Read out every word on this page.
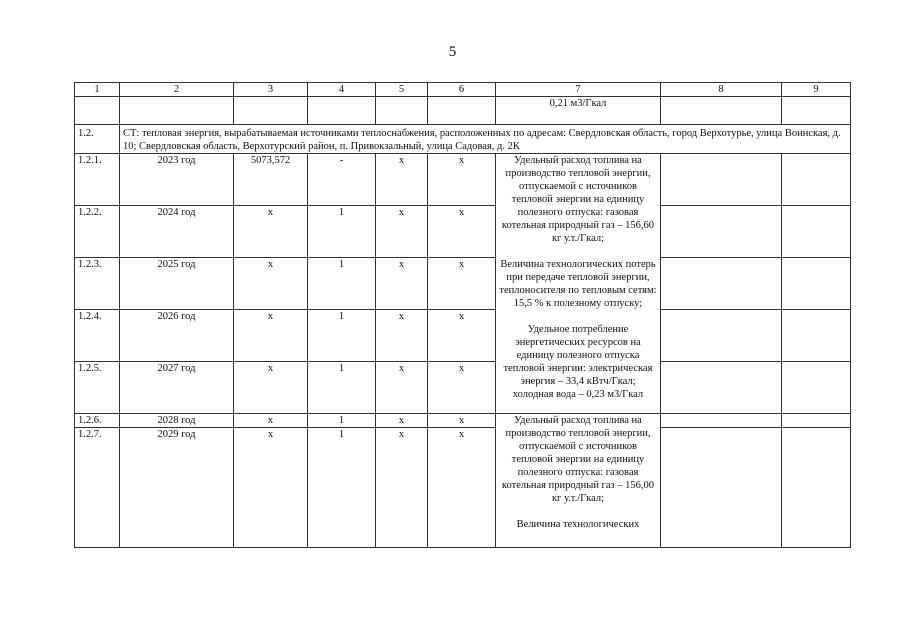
5
1	2	3	4	5	6	7	8	9
						0,21 м3/Гкал		
1.2.	СТ: тепловая энергия, вырабатываемая источниками теплоснабжения, расположенных по адресам: Свердловская область, город Верхотурье, улица Воинская, д. 10; Свердловская область, Верхотурский район, п. Привокзальный, улица Садовая, д. 2К							
1.2.1.	2023 год	5073,572	-	x	x	Удельный расход топлива на производство тепловой энергии, отпускаемой с источников тепловой энергии на единицу полезного отпуска: газовая котельная природный газ – 156,60 кг у.т./Гкал;

Величина технологических потерь при передаче тепловой энергии, теплоносителя по тепловым сетям: 15,5 % к полезному отпуску;

Удельное потребление энергетических ресурсов на единицу полезного отпуска тепловой энергии: электрическая энергия – 33,4 кВтч/Гкал; холодная вода – 0,23 м3/Гкал		

1.2.2.	2024 год	x	1	x	x			
1.2.3.	2025 год	x	1	x	x			
1.2.4.	2026 год	x	1	x	x			
1.2.5.	2027 год	x	1	x	x			
1.2.6.	2028 год	x	1	x	x	Удельный расход топлива на производство тепловой энергии, отпускаемой с источников тепловой энергии на единицу полезного отпуска: газовая котельная природный газ – 156,00 кг у.т./Гкал;

Величина технологических		

1.2.7.	2029 год	x	1	x	x			
